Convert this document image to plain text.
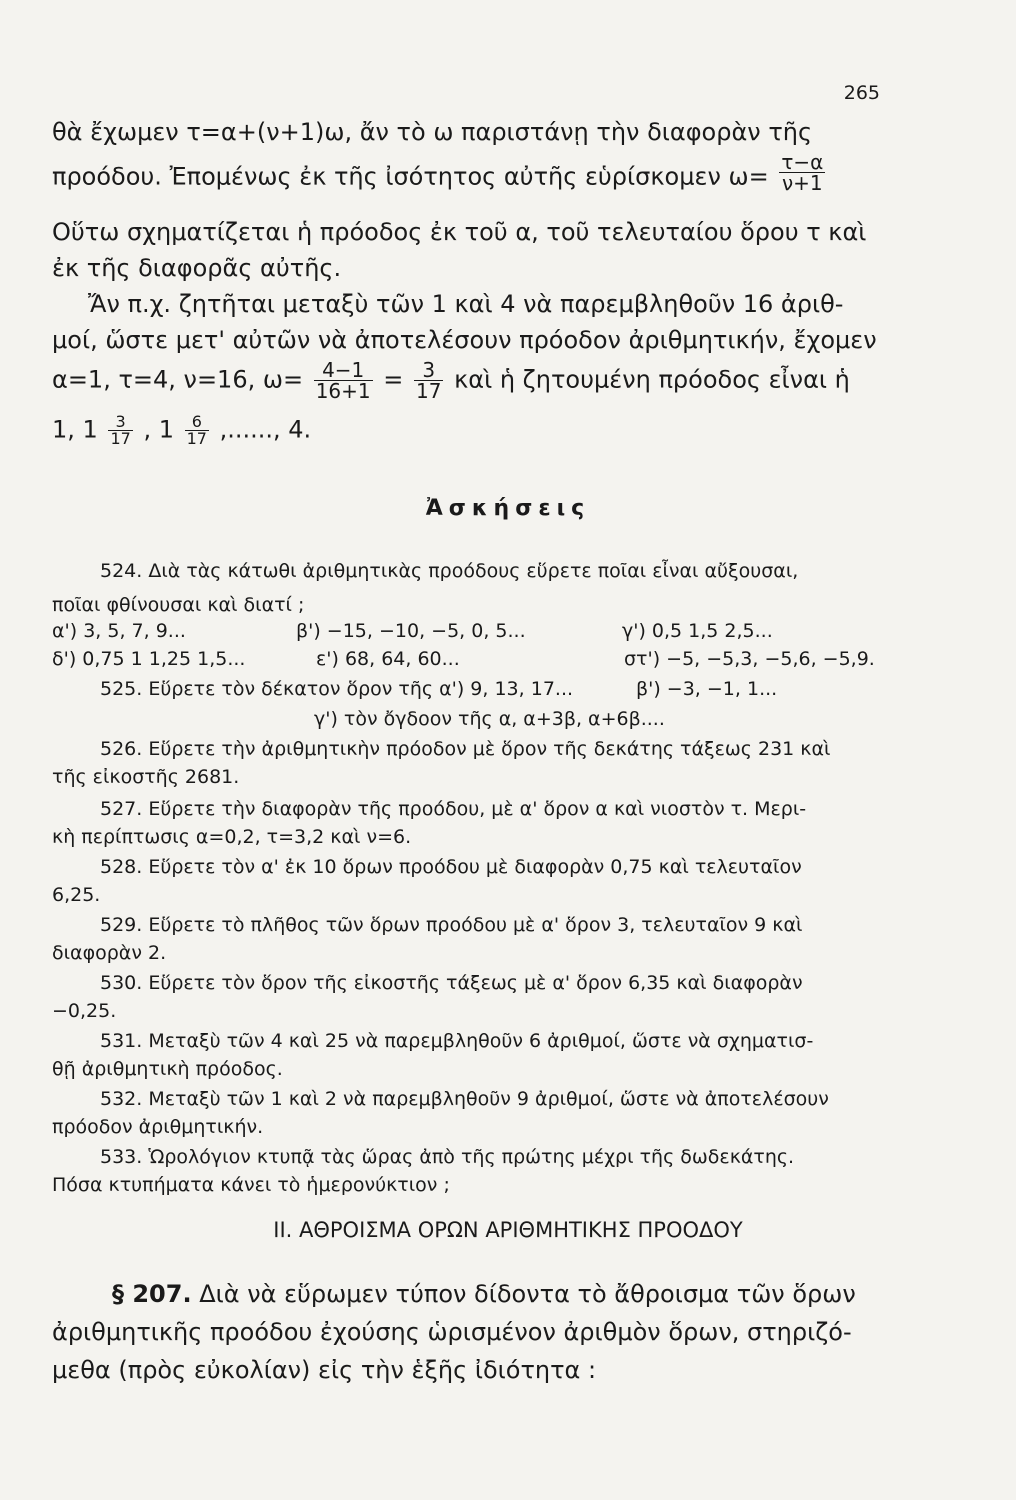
265
θὰ ἔχωμεν τ=α+(ν+1)ω, ἄν τὸ ω παριστάνῃ τὴν διαφορὰν τῆς
προόδου. Ἐπομένως ἐκ τῆς ἰσότητος αὐτῆς εὑρίσκομεν $\omega= \frac{\tau-\alpha}{\nu+1}$
Οὕτω σχηματίζεται ἡ πρόοδος ἐκ τοῦ α, τοῦ τελευταίου ὅρου τ καὶ
ἐκ τῆς διαφορᾶς αὐτῆς.
Ἄν π.χ. ζητῆται μεταξὺ τῶν 1 καὶ 4 νὰ παρεμβληθοῦν 16 ἀριθ-
μοί, ὥστε μετ' αὐτῶν νὰ ἀποτελέσουν πρόοδον ἀριθμητικήν, ἔχομεν
α=1, τ=4, ν=16, $\omega= \frac{4-1}{16+1} = \frac{3}{17}$ καὶ ἡ ζητουμένη πρόοδος εἶναι ἡ
1, $1 \frac{3}{17}$ , $1 \frac{6}{17}$ ,......, 4.
Ἀσκήσεις
524. Διὰ τὰς κάτωθι ἀριθμητικὰς προόδους εὕρετε ποῖαι εἶναι αὔξουσαι,
ποῖαι φθίνουσαι καὶ διατί ;
α') 3, 5, 7, 9...	β') −15, −10, −5, 0, 5...	γ') 0,5 1,5 2,5...
δ') 0,75 1 1,25 1,5...	ε') 68, 64, 60...	στ') −5, −5,3, −5,6, −5,9.
525. Εὕρετε τὸν δέκατον ὅρον τῆς α') 9, 13, 17...	β') −3, −1, 1...
γ') τὸν ὄγδοον τῆς α, α+3β, α+6β....
526. Εὕρετε τὴν ἀριθμητικὴν πρόοδον μὲ ὅρον τῆς δεκάτης τάξεως 231 καὶ
τῆς εἰκοστῆς 2681.
527. Εὕρετε τὴν διαφορὰν τῆς προόδου, μὲ α' ὅρον α καὶ νιοστὸν τ. Μερι-
κὴ περίπτωσις α=0,2, τ=3,2 καὶ ν=6.
528. Εὕρετε τὸν α' ἐκ 10 ὅρων προόδου μὲ διαφορὰν 0,75 καὶ τελευταῖον
6,25.
529. Εὕρετε τὸ πλῆθος τῶν ὅρων προόδου μὲ α' ὅρον 3, τελευταῖον 9 καὶ
διαφορὰν 2.
530. Εὕρετε τὸν ὅρον τῆς εἰκοστῆς τάξεως μὲ α' ὅρον 6,35 καὶ διαφορὰν
−0,25.
531. Μεταξὺ τῶν 4 καὶ 25 νὰ παρεμβληθοῦν 6 ἀριθμοί, ὥστε νὰ σχηματισ-
θῇ ἀριθμητικὴ πρόοδος.
532. Μεταξὺ τῶν 1 καὶ 2 νὰ παρεμβληθοῦν 9 ἀριθμοί, ὥστε νὰ ἀποτελέσουν
πρόοδον ἀριθμητικήν.
533. Ὡρολόγιον κτυπᾷ τὰς ὥρας ἀπὸ τῆς πρώτης μέχρι τῆς δωδεκάτης.
Πόσα κτυπήματα κάνει τὸ ἡμερονύκτιον ;
ΙΙ. ΑΘΡΟΙΣΜΑ ΟΡΩΝ ΑΡΙΘΜΗΤΙΚΗΣ ΠΡΟΟΔΟΥ
§ 207. Διὰ νὰ εὕρωμεν τύπον δίδοντα τὸ ἄθροισμα τῶν ὅρων
ἀριθμητικῆς προόδου ἐχούσης ὡρισμένον ἀριθμὸν ὅρων, στηριζό-
μεθα (πρὸς εὐκολίαν) εἰς τὴν ἑξῆς ἰδιότητα :
